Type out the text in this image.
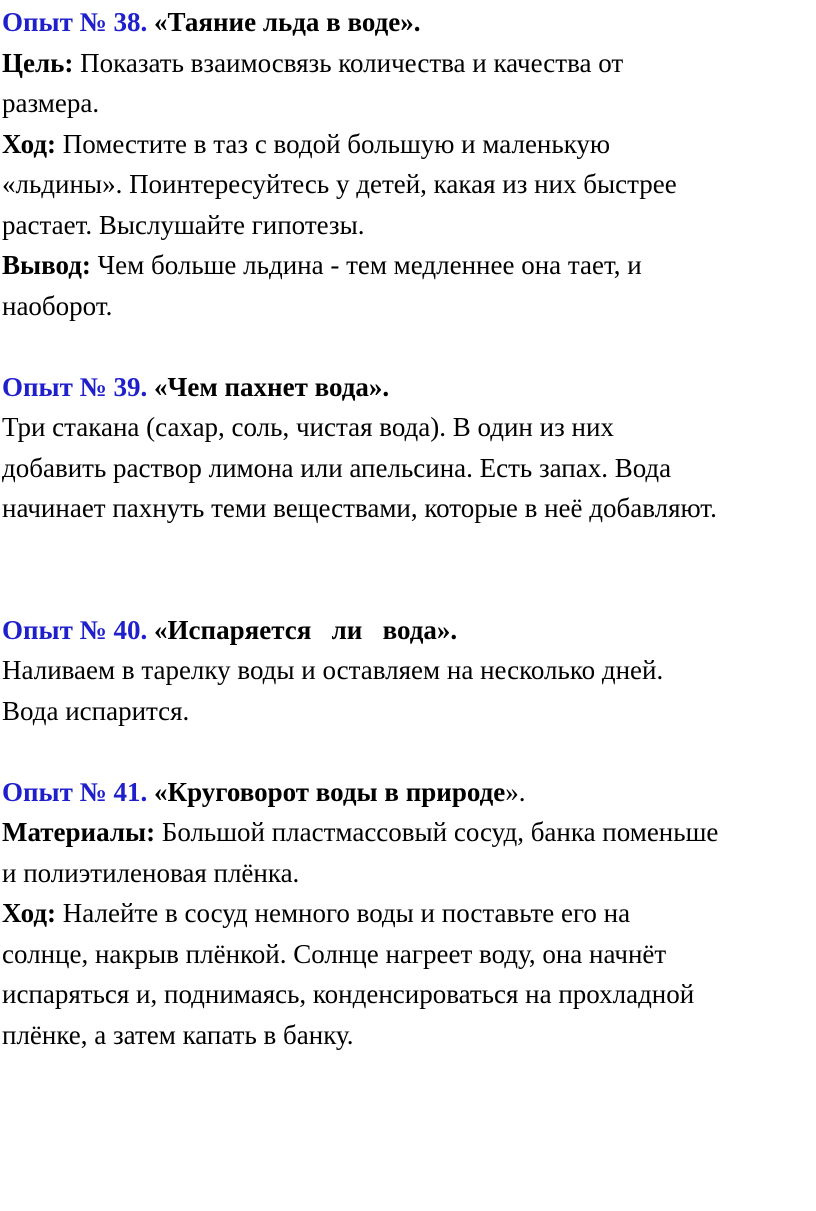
Опыт № 38. «Таяние льда в воде».

Цель: Показать взаимосвязь количества и качества от

размера.

Ход: Поместите в таз с водой большую и маленькую

«льдины». Поинтересуйтесь у детей, какая из них быстрее

растает. Выслушайте гипотезы.

Вывод: Чем больше льдина - тем медленнее она тает, и

наоборот.

Опыт № 39. «Чем пахнет вода».

Три стакана (сахар, соль, чистая вода). В один из них

добавить раствор лимона или апельсина. Есть запах. Вода

начинает пахнуть теми веществами, которые в неё добавляют.

Опыт № 40. «Испаряется   ли   вода».

Наливаем в тарелку воды и оставляем на несколько дней.

Вода испарится.

Опыт № 41. «Круговорот воды в природе».

Материалы: Большой пластмассовый сосуд, банка поменьше

и полиэтиленовая плёнка.

Ход: Налейте в сосуд немного воды и поставьте его на

солнце, накрыв плёнкой. Солнце нагреет воду, она начнёт

испаряться и, поднимаясь, конденсироваться на прохладной

плёнке, а затем капать в банку.
